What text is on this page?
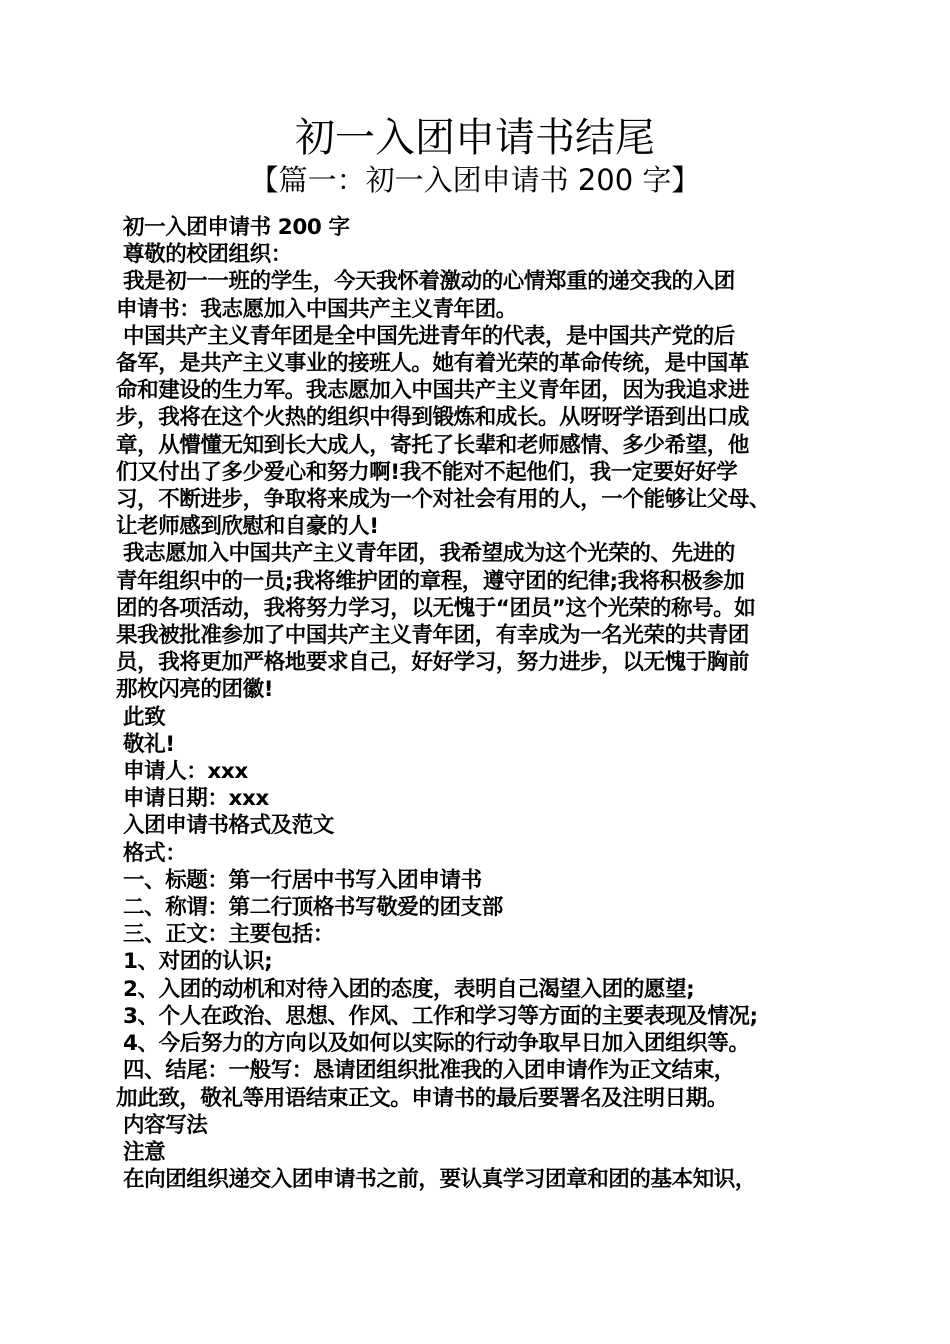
初一入团申请书结尾
【篇一：初一入团申请书 200 字】
初一入团申请书 200 字
尊敬的校团组织：
我是初一一班的学生，今天我怀着激动的心情郑重的递交我的入团
申请书：我志愿加入中国共产主义青年团。
中国共产主义青年团是全中国先进青年的代表，是中国共产党的后
备军，是共产主义事业的接班人。她有着光荣的革命传统，是中国革
命和建设的生力军。我志愿加入中国共产主义青年团，因为我追求进
步，我将在这个火热的组织中得到锻炼和成长。从呀呀学语到出口成
章，从懵懂无知到长大成人，寄托了长辈和老师感情、多少希望，他
们又付出了多少爱心和努力啊!我不能对不起他们，我一定要好好学
习，不断进步，争取将来成为一个对社会有用的人，一个能够让父母、
让老师感到欣慰和自豪的人!
我志愿加入中国共产主义青年团，我希望成为这个光荣的、先进的
青年组织中的一员;我将维护团的章程，遵守团的纪律;我将积极参加
团的各项活动，我将努力学习，以无愧于“团员”这个光荣的称号。如
果我被批准参加了中国共产主义青年团，有幸成为一名光荣的共青团
员，我将更加严格地要求自己，好好学习，努力进步，以无愧于胸前
那枚闪亮的团徽!
此致
敬礼!
申请人：xxx
申请日期：xxx
入团申请书格式及范文
格式：
一、标题：第一行居中书写入团申请书
二、称谓：第二行顶格书写敬爱的团支部
三、正文：主要包括：
1、对团的认识;
2、入团的动机和对待入团的态度，表明自己渴望入团的愿望;
3、个人在政治、思想、作风、工作和学习等方面的主要表现及情况;
4、今后努力的方向以及如何以实际的行动争取早日加入团组织等。
四、结尾：一般写：恳请团组织批准我的入团申请作为正文结束，
加此致，敬礼等用语结束正文。申请书的最后要署名及注明日期。
内容写法
注意
在向团组织递交入团申请书之前，要认真学习团章和团的基本知识，
